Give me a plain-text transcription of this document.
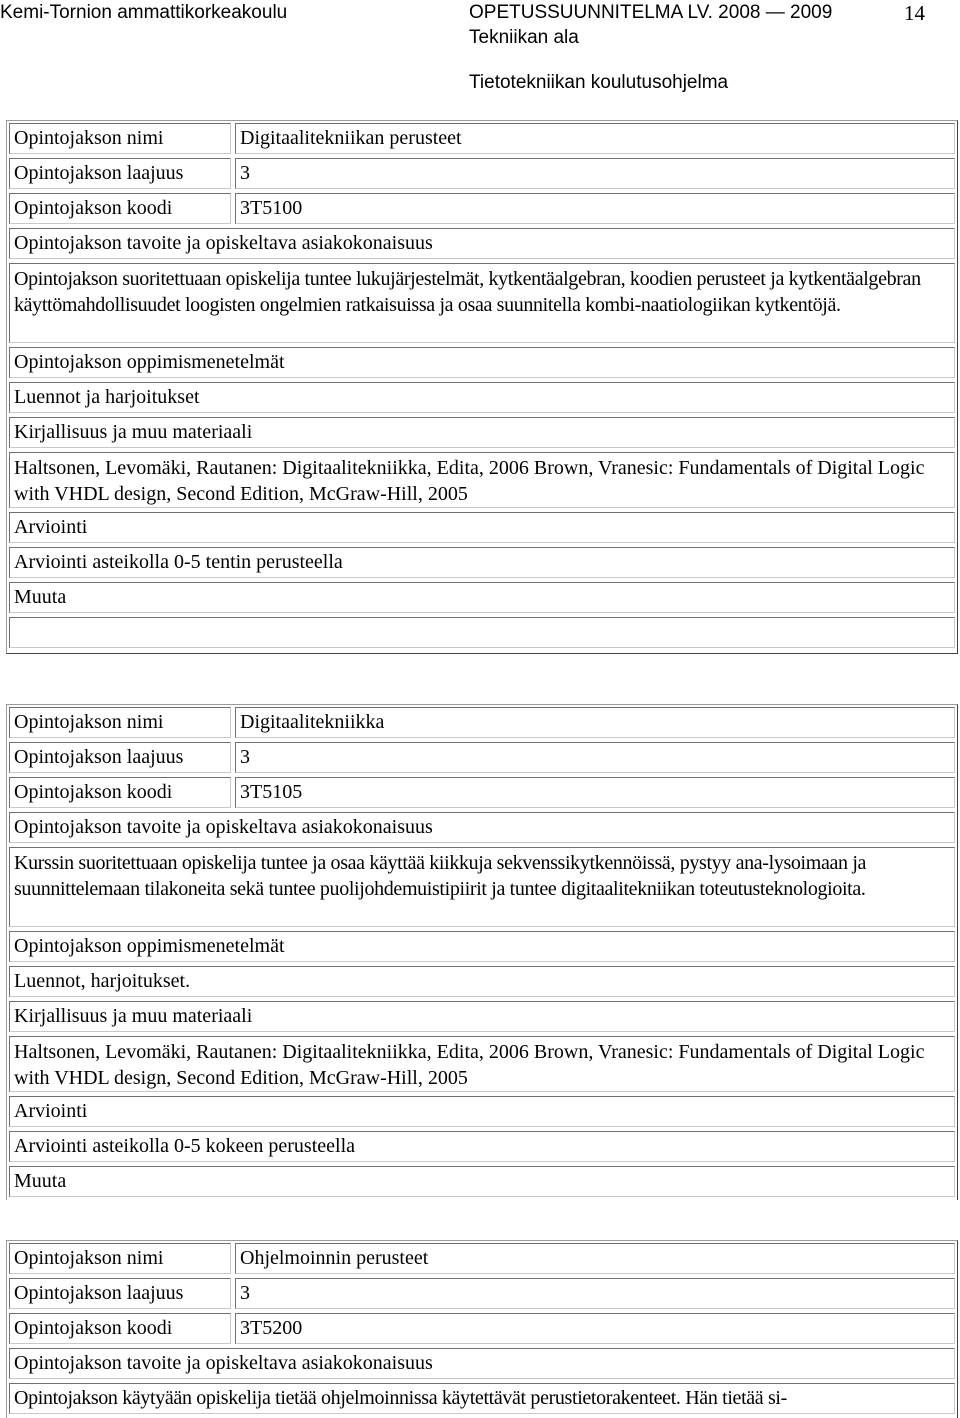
Kemi-Tornion ammattikorkeakoulu	OPETUSSUUNNITELMA LV. 2008 — 2009	14
Tekniikan ala
Tietotekniikan koulutusohjelma
Opintojakson nimi	Digitaalitekniikan perusteet
Opintojakson laajuus	3
Opintojakson koodi	3T5100
Opintojakson tavoite ja opiskeltava asiakokonaisuus
Opintojakson suoritettuaan opiskelija tuntee lukujärjestelmät, kytkentäalgebran, koodien perusteet ja kytkentäalgebran käyttömahdollisuudet loogisten ongelmien ratkaisuissa ja osaa suunnitella kombi-naatiologiikan kytkentöjä.
Opintojakson oppimismenetelmät
Luennot ja harjoitukset
Kirjallisuus ja muu materiaali
Haltsonen, Levomäki, Rautanen: Digitaalitekniikka, Edita, 2006 Brown, Vranesic: Fundamentals of Digital Logic with VHDL design, Second Edition, McGraw-Hill, 2005
Arviointi
Arviointi asteikolla 0-5 tentin perusteella
Muuta
Opintojakson nimi	Digitaalitekniikka
Opintojakson laajuus	3
Opintojakson koodi	3T5105
Opintojakson tavoite ja opiskeltava asiakokonaisuus
Kurssin suoritettuaan opiskelija tuntee ja osaa käyttää kiikkuja sekvenssikytkennöissä, pystyy ana-lysoimaan ja suunnittelemaan tilakoneita sekä tuntee puolijohdemuistipiirit ja tuntee digitaalitekniikan toteutusteknologioita.
Opintojakson oppimismenetelmät
Luennot, harjoitukset.
Kirjallisuus ja muu materiaali
Haltsonen, Levomäki, Rautanen: Digitaalitekniikka, Edita, 2006 Brown, Vranesic: Fundamentals of Digital Logic with VHDL design, Second Edition, McGraw-Hill, 2005
Arviointi
Arviointi asteikolla 0-5 kokeen perusteella
Muuta
Opintojakson nimi	Ohjelmoinnin perusteet
Opintojakson laajuus	3
Opintojakson koodi	3T5200
Opintojakson tavoite ja opiskeltava asiakokonaisuus
Opintojakson käytyään opiskelija tietää ohjelmoinnissa käytettävät perustietorakenteet. Hän tietää si-
